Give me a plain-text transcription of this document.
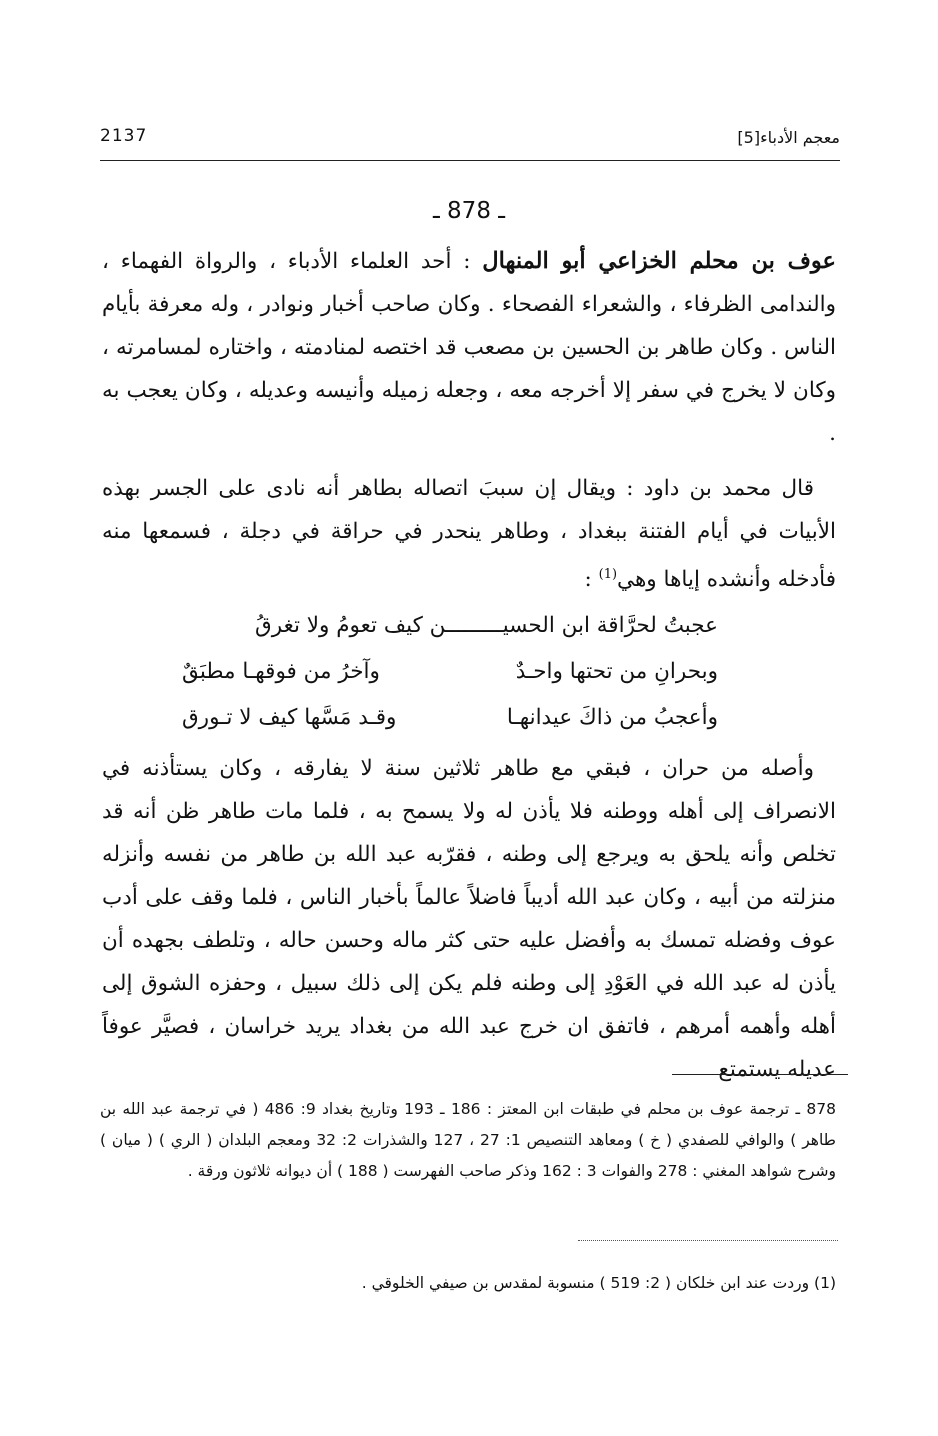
معجم الأدباء[5]
2137
ـ 878 ـ

عوف بن محلم الخزاعي أبو المنهال : أحد العلماء الأدباء ، والرواة الفهماء ، والندامى الظرفاء ، والشعراء الفصحاء . وكان صاحب أخبار ونوادر ، وله معرفة بأيام الناس . وكان طاهر بن الحسين بن مصعب قد اختصه لمنادمته ، واختاره لمسامرته ، وكان لا يخرج في سفر إلا أخرجه معه ، وجعله زميله وأنيسه وعديله ، وكان يعجب به .

قال محمد بن داود : ويقال إن سببَ اتصاله بطاهر أنه نادى على الجسر بهذه الأبيات في أيام الفتنة ببغداد ، وطاهر ينحدر في حراقة في دجلة ، فسمعها منه فأدخله وأنشده إياها وهي$^{(1)}$ :

عجبتُ لحرَّاقة ابن الحسيـــــــــن كيف تعومُ ولا تغرقُ
وبحرانِ من تحتها واحـدٌ
وآخرُ من فوقهـا مطبَقٌ
وأعجبُ من ذاكَ عيدانهـا
وقـد مَسَّها كيف لا تـورق

وأصله من حران ، فبقي مع طاهر ثلاثين سنة لا يفارقه ، وكان يستأذنه في الانصراف إلى أهله ووطنه فلا يأذن له ولا يسمح به ، فلما مات طاهر ظن أنه قد تخلص وأنه يلحق به ويرجع إلى وطنه ، فقرّبه عبد الله بن طاهر من نفسه وأنزله منزلته من أبيه ، وكان عبد الله أديباً فاضلاً عالماً بأخبار الناس ، فلما وقف على أدب عوف وفضله تمسك به وأفضل عليه حتى كثر ماله وحسن حاله ، وتلطف بجهده أن يأذن له عبد الله في العَوْدِ إلى وطنه فلم يكن إلى ذلك سبيل ، وحفزه الشوق إلى أهله وأهمه أمرهم ، فاتفق ان خرج عبد الله من بغداد يريد خراسان ، فصيَّر عوفاً عديله يستمتع

878 ـ ترجمة عوف بن محلم في طبقات ابن المعتز : 186 ـ 193 وتاريخ بغداد 9: 486 ( في ترجمة عبد الله بن طاهر ) والوافي للصفدي ( خ ) ومعاهد التنصيص 1: 27 ، 127 والشذرات 2: 32 ومعجم البلدان ( الري ) ( ميان ) وشرح شواهد المغني : 278 والفوات 3 : 162 وذكر صاحب الفهرست ( 188 ) أن ديوانه ثلاثون ورقة .

(1) وردت عند ابن خلكان ( 2: 519 ) منسوبة لمقدس بن صيفي الخلوقي .
